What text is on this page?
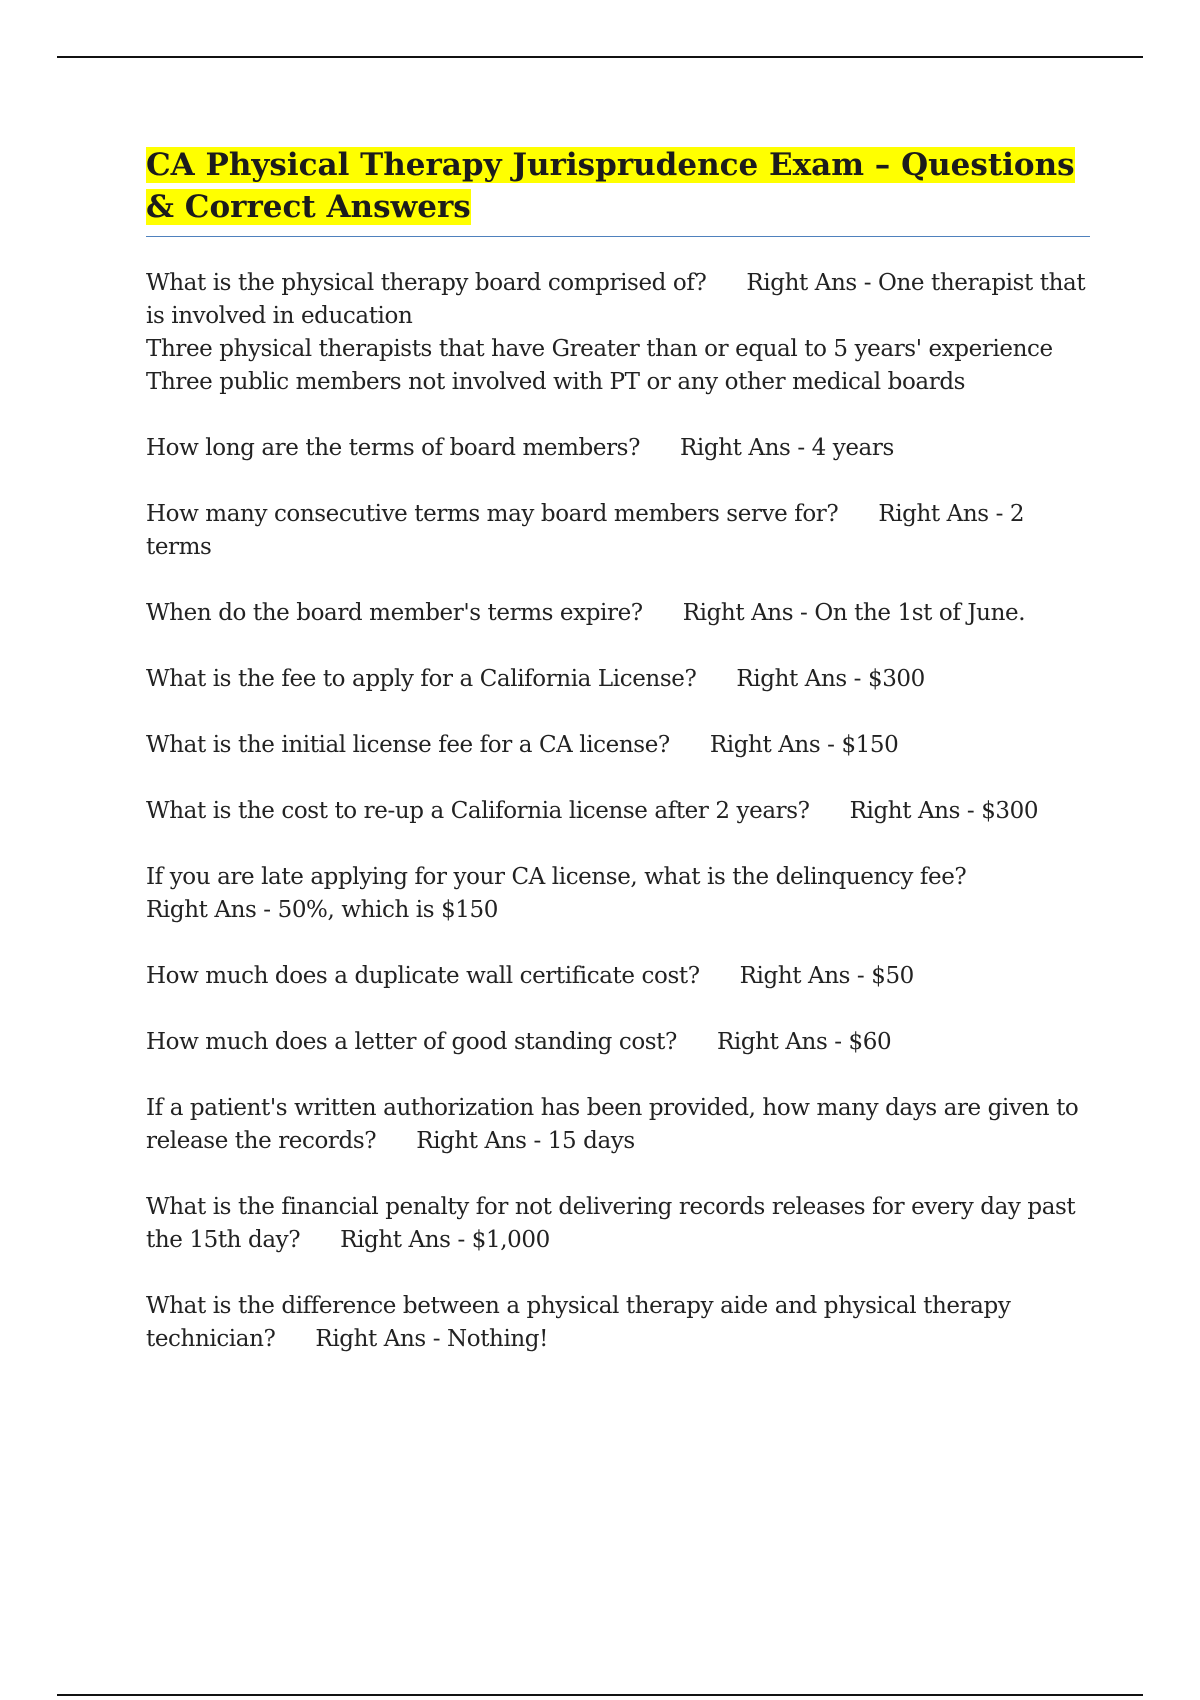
CA Physical Therapy Jurisprudence Exam – Questions & Correct Answers
What is the physical therapy board comprised of? Right Ans - One therapist that is involved in education
Three physical therapists that have Greater than or equal to 5 years' experience
Three public members not involved with PT or any other medical boards
How long are the terms of board members? Right Ans - 4 years
How many consecutive terms may board members serve for? Right Ans - 2 terms
When do the board member's terms expire? Right Ans - On the 1st of June.
What is the fee to apply for a California License? Right Ans - $300
What is the initial license fee for a CA license? Right Ans - $150
What is the cost to re-up a California license after 2 years? Right Ans - $300
If you are late applying for your CA license, what is the delinquency fee?
Right Ans - 50%, which is $150
How much does a duplicate wall certificate cost? Right Ans - $50
How much does a letter of good standing cost? Right Ans - $60
If a patient's written authorization has been provided, how many days are given to release the records? Right Ans - 15 days
What is the financial penalty for not delivering records releases for every day past the 15th day? Right Ans - $1,000
What is the difference between a physical therapy aide and physical therapy technician? Right Ans - Nothing!
